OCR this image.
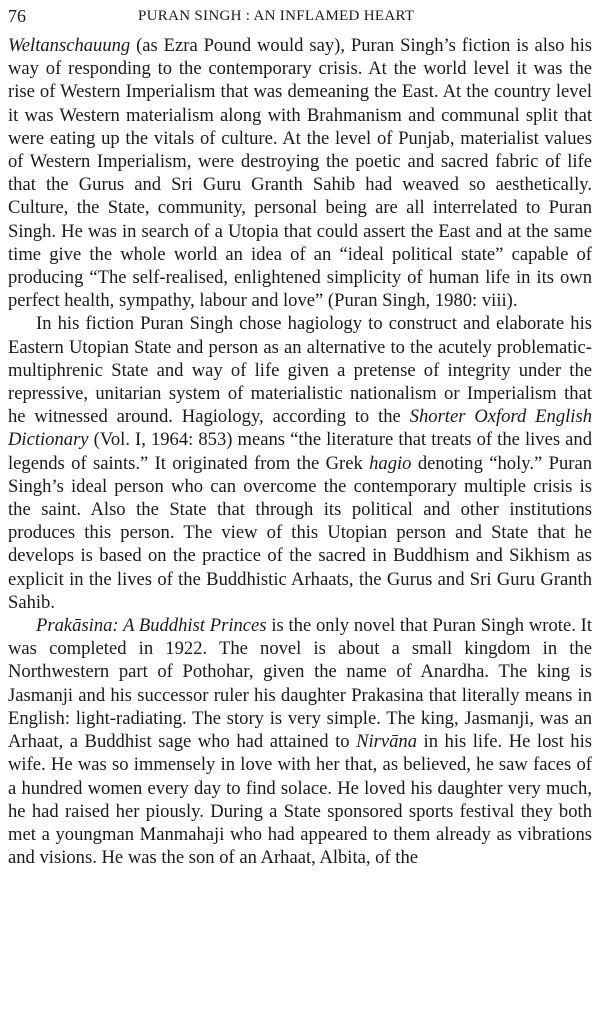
76	PURAN SINGH : AN INFLAMED HEART

Weltanschauung (as Ezra Pound would say), Puran Singh’s fiction is also his way of responding to the contemporary crisis. At the world level it was the rise of Western Imperialism that was demeaning the East. At the country level it was Western materialism along with Brahmanism and communal split that were eating up the vitals of culture. At the level of Punjab, materialist values of Western Imperialism, were destroying the poetic and sacred fabric of life that the Gurus and Sri Guru Granth Sahib had weaved so aesthetically. Culture, the State, community, personal being are all interrelated to Puran Singh. He was in search of a Utopia that could assert the East and at the same time give the whole world an idea of an “ideal political state” capable of producing “The self-realised, enlightened simplicity of human life in its own perfect health, sympathy, labour and love” (Puran Singh, 1980: viii).

In his fiction Puran Singh chose hagiology to construct and elaborate his Eastern Utopian State and person as an alternative to the acutely problematic-multiphrenic State and way of life given a pretense of integrity under the repressive, unitarian system of materialistic nationalism or Imperialism that he witnessed around. Hagiology, according to the Shorter Oxford English Dictionary (Vol. I, 1964: 853) means “the literature that treats of the lives and legends of saints.” It originated from the Grek hagio denoting “holy.” Puran Singh’s ideal person who can overcome the contemporary multiple crisis is the saint. Also the State that through its political and other institutions produces this person. The view of this Utopian person and State that he develops is based on the practice of the sacred in Buddhism and Sikhism as explicit in the lives of the Buddhistic Arhaats, the Gurus and Sri Guru Granth Sahib.

Prakāsina: A Buddhist Princes is the only novel that Puran Singh wrote. It was completed in 1922. The novel is about a small kingdom in the Northwestern part of Pothohar, given the name of Anardha. The king is Jasmanji and his successor ruler his daughter Prakasina that literally means in English: light-radiating. The story is very simple. The king, Jasmanji, was an Arhaat, a Buddhist sage who had attained to Nirvāna in his life. He lost his wife. He was so immensely in love with her that, as believed, he saw faces of a hundred women every day to find solace. He loved his daughter very much, he had raised her piously. During a State sponsored sports festival they both met a youngman Manmahaji who had appeared to them already as vibrations and visions. He was the son of an Arhaat, Albita, of the
